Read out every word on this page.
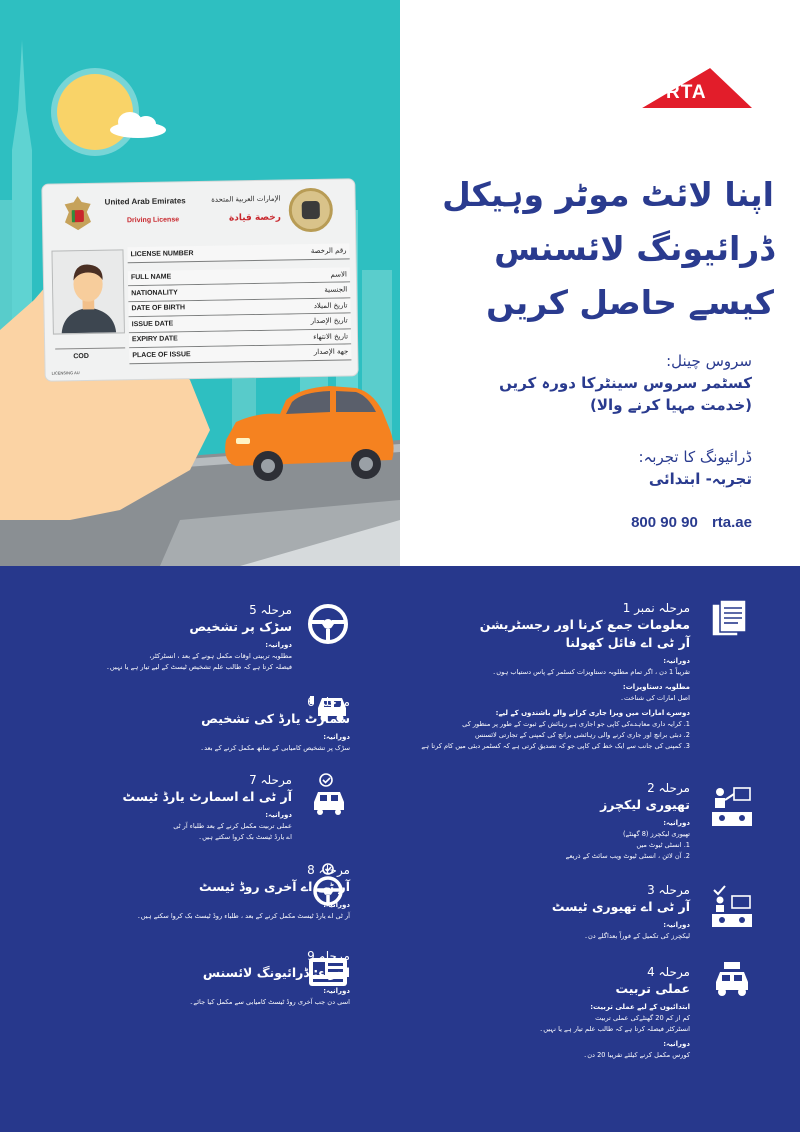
United Arab Emirates	الإمارات العربية المتحدة
Driving License	رخصة قيادة
LICENSE NUMBER	رقم الرخصة
FULL NAME	الاسم
NATIONALITY	الجنسية
DATE OF BIRTH	تاريخ الميلاد
ISSUE DATE	تاريخ الإصدار
EXPIRY DATE	تاريخ الانتهاء
PLACE OF ISSUE	جهة الإصدار
COD
LICENSING AU
RTA
اپنا لائٹ موٹر وہیکل
ڈرائیونگ لائسنس
کیسے حاصل کریں
سروس چینل:
کسٹمر سروس سینٹرکا دورہ کریں
(خدمت مہیا کرنے والا)
ڈرائیونگ کا تجربہ:
تجربہ- ابتدائی
800 90 90 rta.ae
مرحلہ نمبر 1
معلومات جمع کرنا اور رجسٹریشن
آر ٹی اے فائل کھولنا
دورانیہ:
تقریباً 1 دن ، اگر تمام مطلوبہ دستاویزات کسٹمر کے پاس دستیاب ہوں۔
مطلوبہ دستاویزات:
اصل امارات کی شناخت۔
دوسرے امارات میں ویزا جاری کرانے والے باشندوں کے لیے:
1. کرایہ داری معاہدےکی کاپی جو اجاری ہے رہائش کے ثبوت کے طور پر منظور کی
2. دبئی برانچ اور جاری کرنے والی رہائشی برانچ کی کمپنی کے تجارتی لائسنس
3. کمپنی کی جانب سے ایک خط کی کاپی جو کہ تصدیق کرتی ہے کہ کسٹمر دبئی میں کام کرتا ہے
مرحلہ 2
تھیوری لیکچرز
دورانیہ:
تھیوری لیکچرز (8 گھنٹے)
1. انسٹی ٹیوٹ میں
2. آن لائن ، انسٹی ٹیوٹ ویب سائٹ کے ذریعے
مرحلہ 3
آر ٹی اے تھیوری ٹیسٹ
دورانیہ:
لیکچرز کی تکمیل کے فوراً بعداگلے دن۔
مرحلہ 4
عملی تربیت
ابتدائیوں کے لیے عملی تربیت:
کم از کم 20 گھنٹےکی عملی تربیت
انسٹرکٹر فیصلہ کرتا ہے کہ طالب علم تیار ہے یا نہیں۔
دورانیہ:
کورس مکمل کرنے کیلئے تقریبا 20 دن۔
مرحلہ 5
سڑک پر تشخیص
دورانیہ:
مطلوبہ تربیتی اوقات مکمل ہونے کے بعد ، انسٹرکٹر،
فیصلہ کرتا ہے کہ طالب علم تشخیص ٹیسٹ کے لیے تیار ہے یا نہیں۔
مرحلہ 6
سمارٹ یارڈ کی تشخیص
دورانیہ:
سڑک پر تشخیص کامیابی کے ساتھ مکمل کرنے کے بعد۔
مرحلہ 7
آر ٹی اے اسمارٹ یارڈ ٹیسٹ
دورانیہ:
عملی تربیت مکمل کرنے کے بعد طلباء آر ٹی
اے یارڈ ٹیسٹ بک کروا سکتے ہیں۔
مرحلہ 8
آر ٹی اے آخری روڈ ٹیسٹ
دورانیہ:
آر ٹی اے یارڈ ٹیسٹ مکمل کرنے کے بعد ، طلباء روڈ ٹیسٹ بک کروا سکتے ہیں۔
مرحلہ 9
اجراء: ڈرائیونگ لائسنس
دورانیہ:
اسی دن جب آخری روڈ ٹیسٹ کامیابی سے مکمل کیا جائے۔
